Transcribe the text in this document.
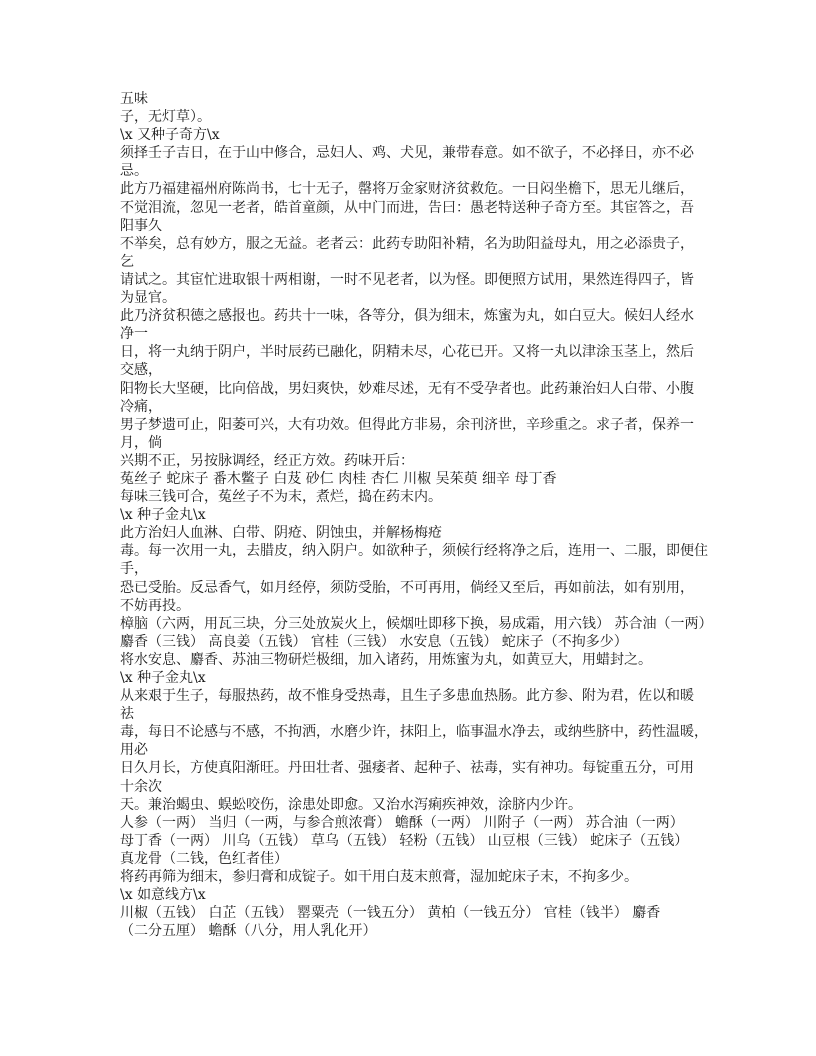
五味

子，无灯草）。

\x 又种子奇方\x

须择壬子吉日，在于山中修合，忌妇人、鸡、犬见，兼带春意。如不欲子，不必择日，亦不必

忌。

此方乃福建福州府陈尚书，七十无子，罄将万金家财济贫救危。一日闷坐檐下，思无儿继后，

不觉泪流，忽见一老者，皓首童颜，从中门而进，告曰：愚老特送种子奇方至。其宦答之，吾

阳事久

不举矣，总有妙方，服之无益。老者云：此药专助阳补精，名为助阳益母丸，用之必添贵子，

乞

请试之。其宦忙进取银十两相谢，一时不见老者，以为怪。即便照方试用，果然连得四子，皆

为显官。

此乃济贫积德之感报也。药共十一味，各等分，俱为细末，炼蜜为丸，如白豆大。候妇人经水

净一

日，将一丸纳于阴户，半时辰药已融化，阴精未尽，心花已开。又将一丸以津涂玉茎上，然后

交感，

阳物长大坚硬，比向倍战，男妇爽快，妙难尽述，无有不受孕者也。此药兼治妇人白带、小腹

冷痛，

男子梦遗可止，阳萎可兴，大有功效。但得此方非易，余刊济世，辛珍重之。求子者，保养一

月，倘

兴期不正，另按脉调经，经正方效。药味开后：

菟丝子 蛇床子 番木鳖子 白芨 砂仁 肉桂 杏仁 川椒 吴茱萸 细辛 母丁香

每味三钱可合，菟丝子不为末，煮烂，捣在药末内。

\x 种子金丸\x

此方治妇人血淋、白带、阴疮、阴蚀虫，并解杨梅疮

毒。每一次用一丸，去腊皮，纳入阴户。如欲种子，须候行经将净之后，连用一、二服，即便住

手，

恐已受胎。反忌香气，如月经停，须防受胎，不可再用，倘经又至后，再如前法，如有别用，

不妨再投。

樟脑（六两，用瓦三块，分三处放炭火上，候烟吐即移下换，易成霜，用六钱） 苏合油（一两）

麝香（三钱） 高良姜（五钱） 官桂（三钱） 水安息（五钱） 蛇床子（不拘多少）

将水安息、麝香、苏油三物研烂极细，加入诸药，用炼蜜为丸，如黄豆大，用蜡封之。

\x 种子金丸\x

从来艰于生子，每服热药，故不惟身受热毒，且生子多患血热肠。此方参、附为君，佐以和暖

祛

毒，每日不论感与不感，不拘洒，水磨少许，抹阳上，临事温水净去，或纳些脐中，药性温暖，

用必

日久月长，方使真阳渐旺。丹田壮者、强痿者、起种子、祛毒，实有神功。每锭重五分，可用

十余次

天。兼治蝎虫、蜈蚣咬伤，涂患处即愈。又治水泻痢疾神效，涂脐内少许。

人参（一两） 当归（一两，与参合煎浓膏） 蟾酥（一两） 川附子（一两） 苏合油（一两）

母丁香（一两） 川乌（五钱） 草乌（五钱） 轻粉（五钱） 山豆根（三钱） 蛇床子（五钱）

真龙骨（二钱，色红者佳）

将药再筛为细末，参归膏和成锭子。如干用白芨末煎膏，湿加蛇床子末，不拘多少。

\x 如意线方\x

川椒（五钱） 白芷（五钱） 罂粟壳（一钱五分） 黄柏（一钱五分） 官桂（钱半） 麝香

（二分五厘） 蟾酥（八分，用人乳化开）
